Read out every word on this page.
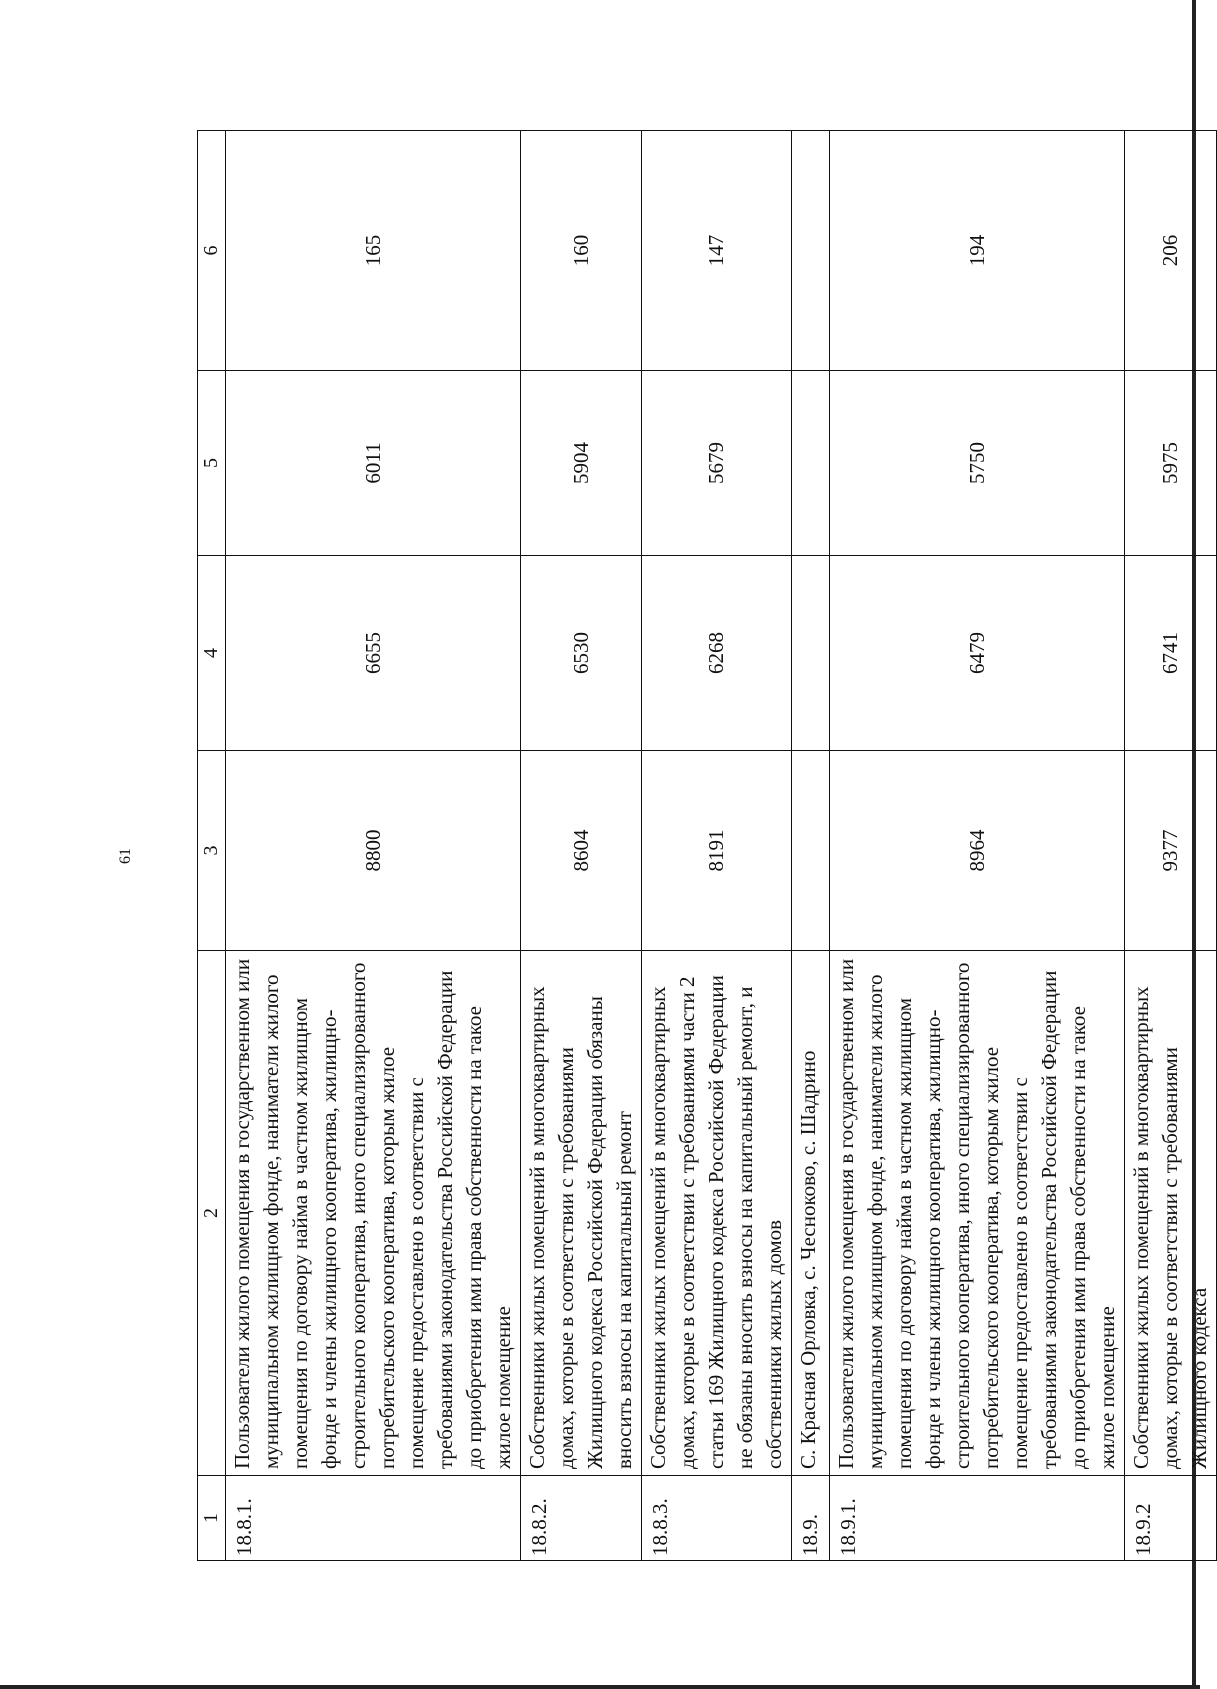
61
1	2	3	4	5	6
18.8.1.	Пользователи жилого помещения в государственном или муниципальном жилищном фонде, наниматели жилого помещения по договору найма в частном жилищном фонде и члены жилищного кооператива, жилищно-строительного кооператива, иного специализированного потребительского кооператива, которым жилое помещение предоставлено в соответствии с требованиями законодательства Российской Федерации до приобретения ими права собственности на такое жилое помещение	8800	6655	6011	165
18.8.2.	Собственники жилых помещений в многоквартирных домах, которые в соответствии с требованиями Жилищного кодекса Российской Федерации обязаны вносить взносы на капитальный ремонт	8604	6530	5904	160
18.8.3.	Собственники жилых помещений в многоквартирных домах, которые в соответствии с требованиями части 2 статьи 169 Жилищного кодекса Российской Федерации не обязаны вносить взносы на капитальный ремонт, и собственники жилых домов	8191	6268	5679	147
18.9.	С. Красная Орловка, с. Чесноково, с. Шадрино				
18.9.1.	Пользователи жилого помещения в государственном или муниципальном жилищном фонде, наниматели жилого помещения по договору найма в частном жилищном фонде и члены жилищного кооператива, жилищно-строительного кооператива, иного специализированного потребительского кооператива, которым жилое помещение предоставлено в соответствии с требованиями законодательства Российской Федерации до приобретения ими права собственности на такое жилое помещение	8964	6479	5750	194
18.9.2	Собственники жилых помещений в многоквартирных домах, которые в соответствии с требованиями Жилищного кодекса	9377	6741	5975	206
